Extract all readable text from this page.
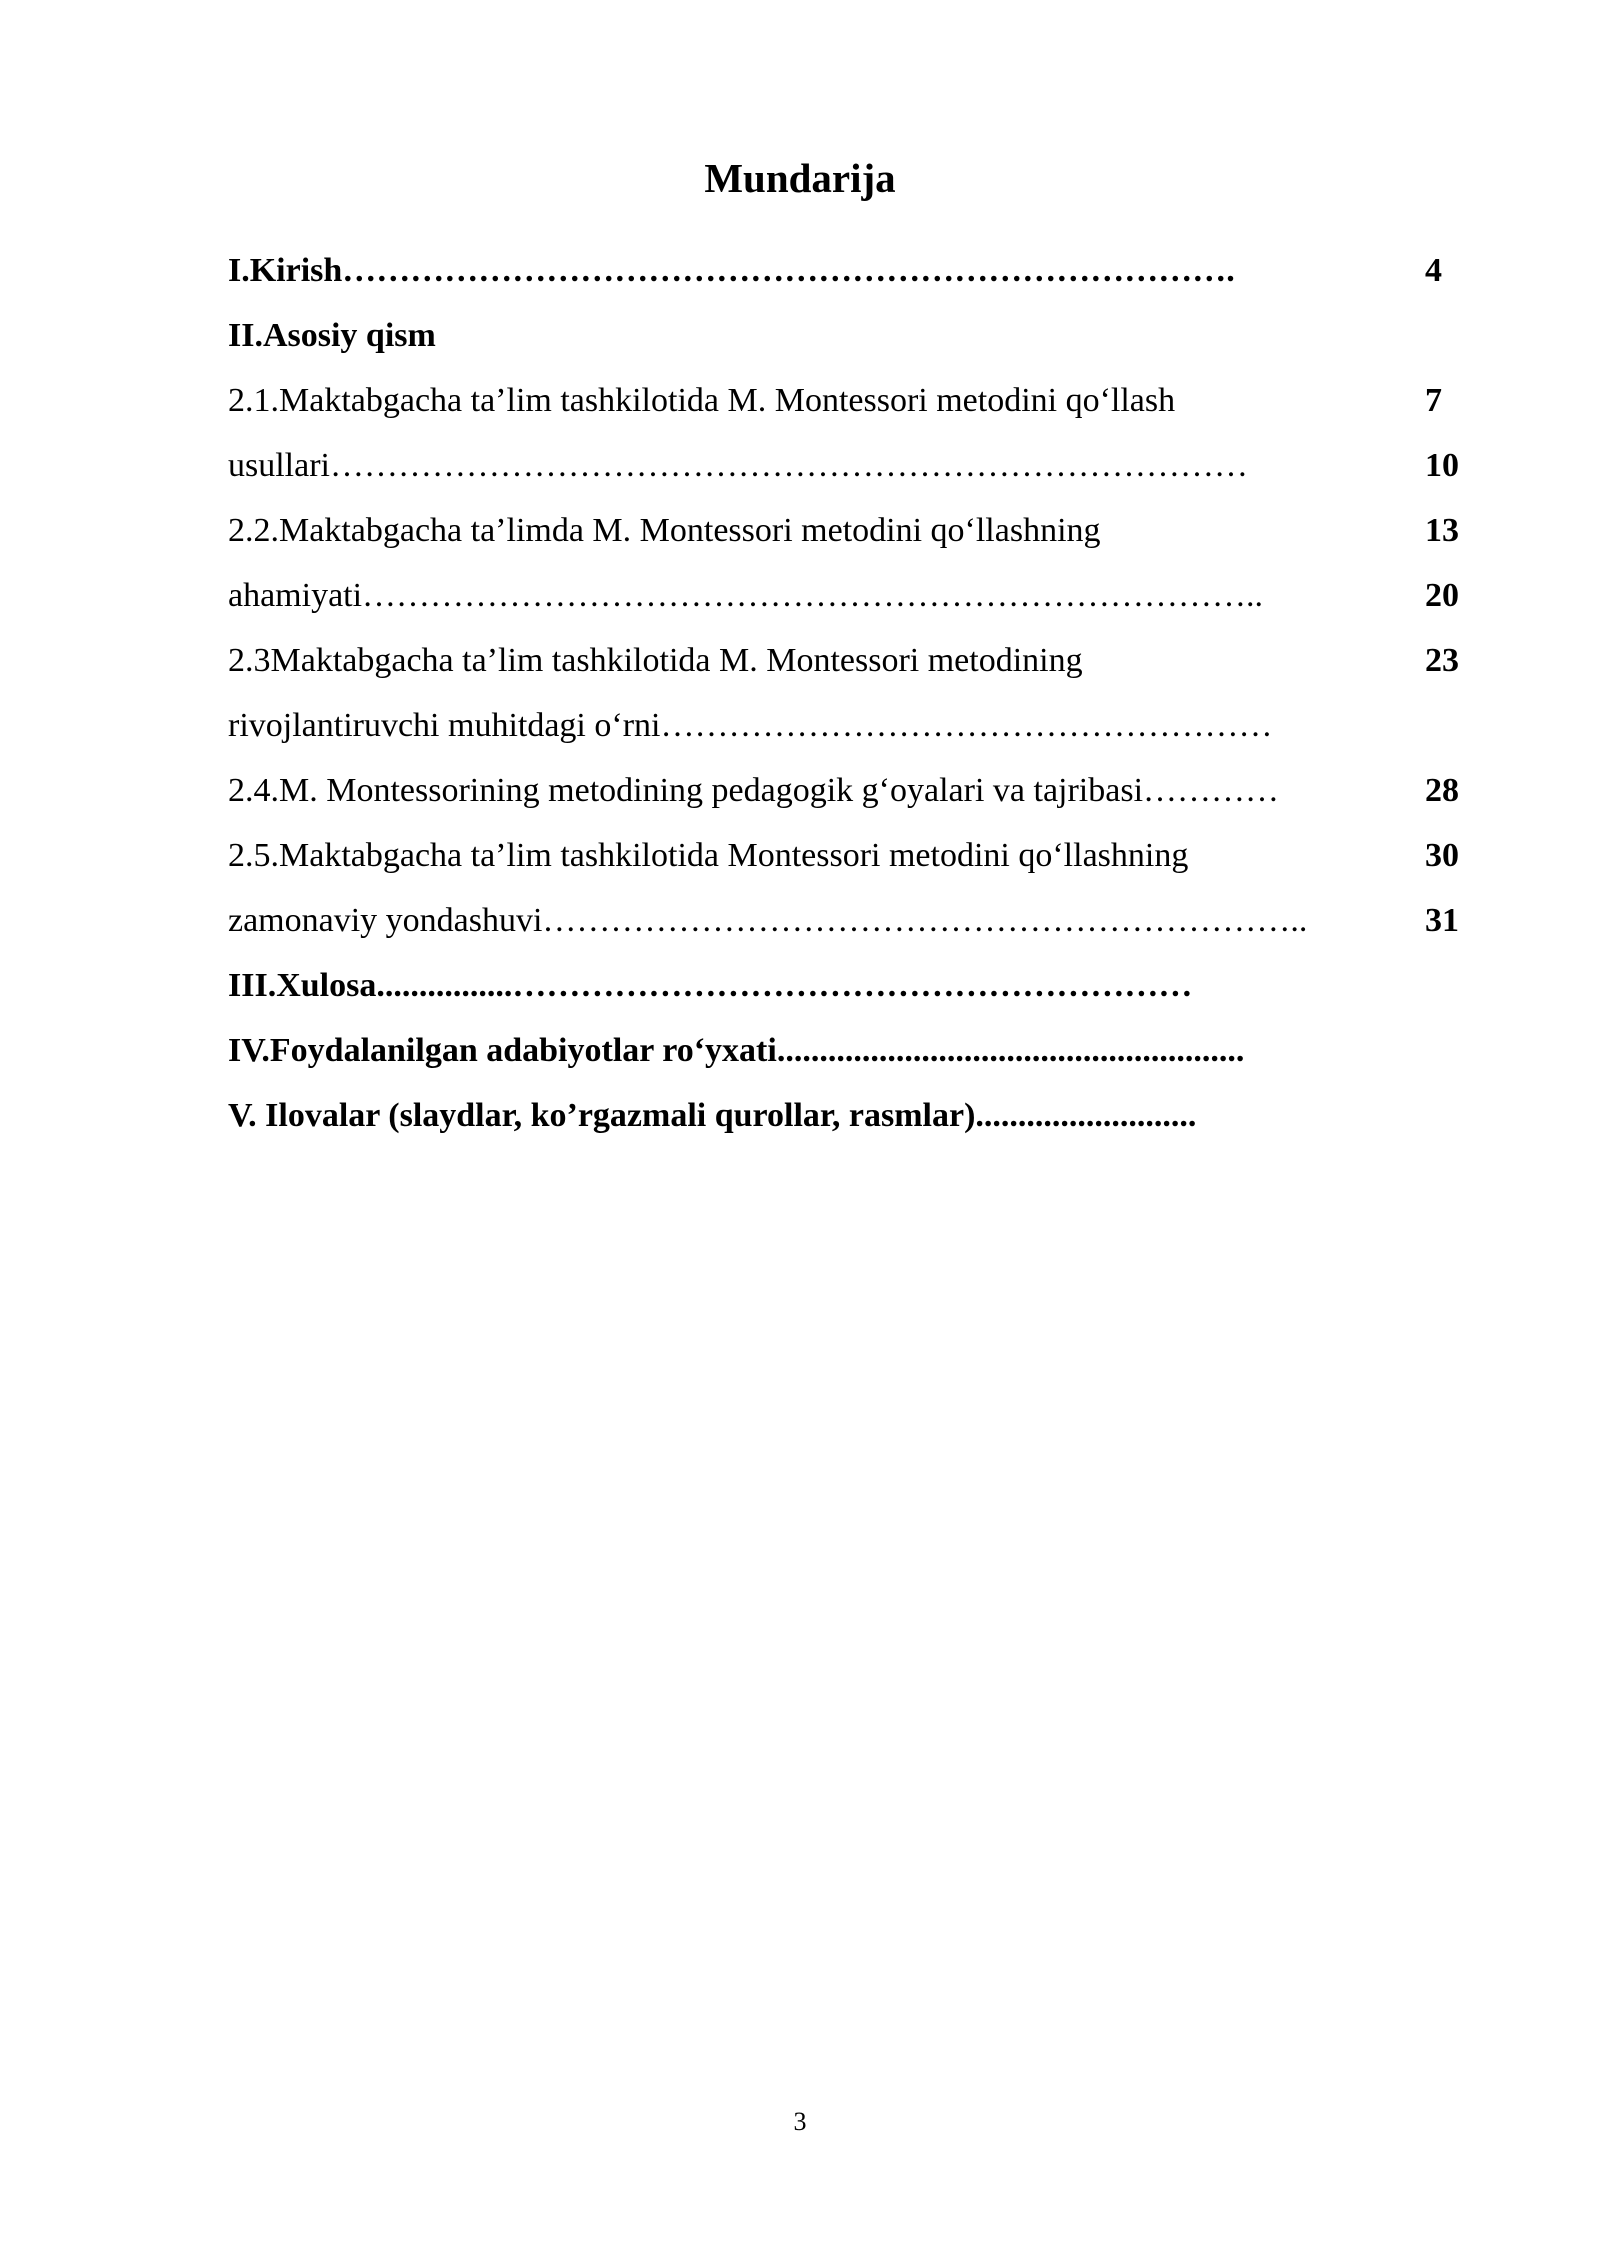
Mundarija
I.Kirish…………………………………………………………………….
II.Asosiy qism
2.1.Maktabgacha ta’lim tashkilotida M. Montessori metodini qo‘llash
usullari………………………………………………………………………
2.2.Maktabgacha ta’limda M. Montessori metodini qo‘llashning
ahamiyati……………………………………………………………………..
2.3Maktabgacha ta’lim tashkilotida M. Montessori metodining
rivojlantiruvchi muhitdagi o‘rni………………………………………………
2.4.M. Montessorining metodining pedagogik g‘oyalari va tajribasi…………
2.5.Maktabgacha ta’lim tashkilotida Montessori metodini qo‘llashning
zamonaviy yondashuvi…………………………………………………………..
III.Xulosa................……………………………………………………
IV.Foydalanilgan adabiyotlar ro‘yxati.......................................................
V. Ilovalar (slaydlar, ko’rgazmali qurollar, rasmlar)..........................
4
7
10
13
20
23
28
30
31
3
